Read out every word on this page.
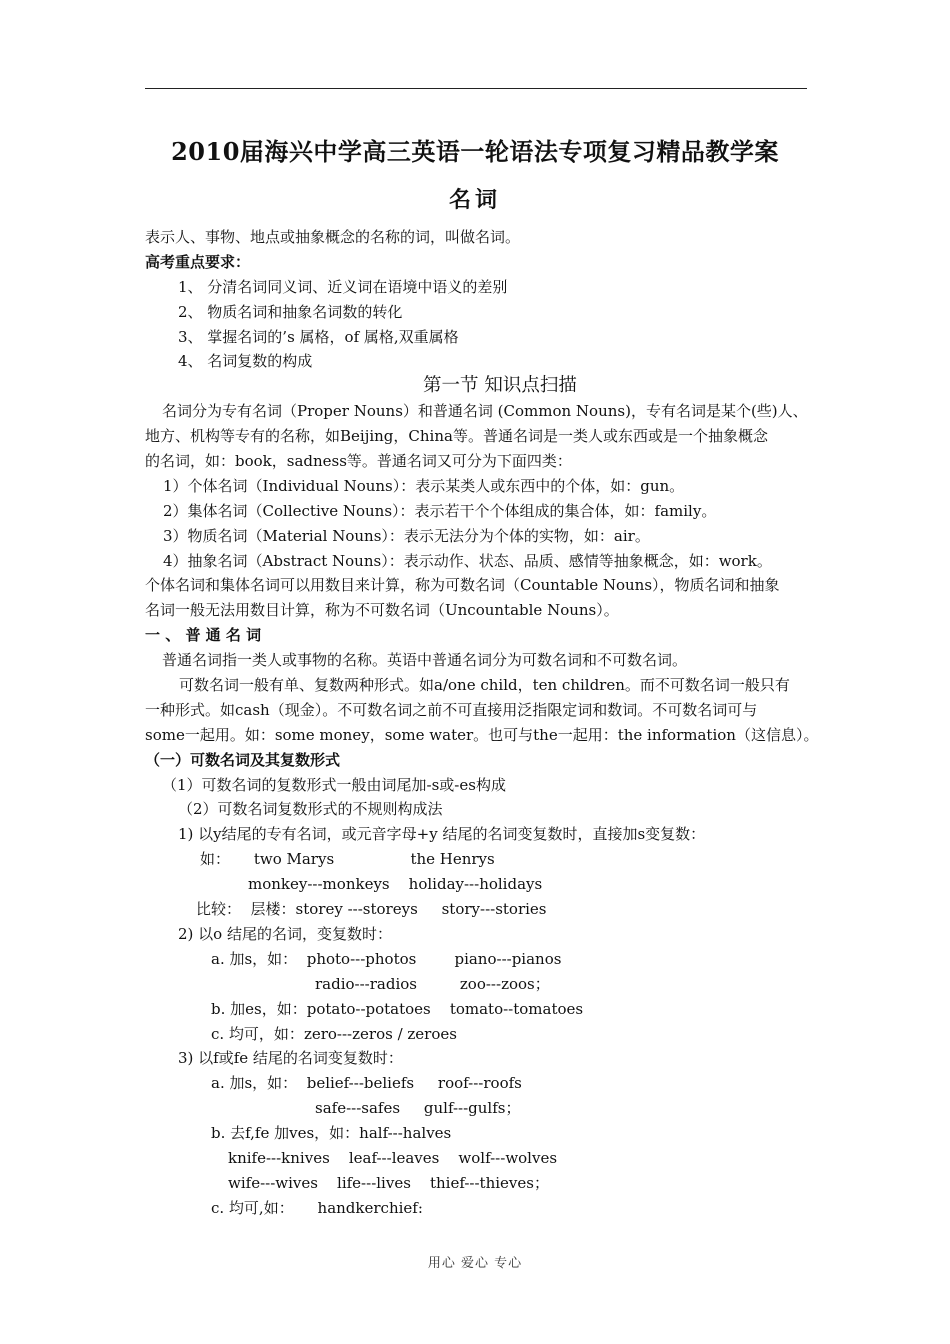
2010届海兴中学高三英语一轮语法专项复习精品教学案
名词
表示人、事物、地点或抽象概念的名称的词，叫做名词。
高考重点要求：
1、 分清名词同义词、近义词在语境中语义的差别
2、 物质名词和抽象名词数的转化
3、 掌握名词的’s 属格，of 属格,双重属格
4、 名词复数的构成
第一节 知识点扫描
名词分为专有名词（Proper Nouns）和普通名词 (Common Nouns)，专有名词是某个(些)人、
地方、机构等专有的名称，如Beijing，China等。普通名词是一类人或东西或是一个抽象概念
的名词，如：book，sadness等。普通名词又可分为下面四类：
1）个体名词（Individual Nouns）：表示某类人或东西中的个体，如：gun。
2）集体名词（Collective Nouns）：表示若干个个体组成的集合体，如：family。
3）物质名词（Material Nouns）：表示无法分为个体的实物，如：air。
4）抽象名词（Abstract Nouns）：表示动作、状态、品质、感情等抽象概念，如：work。
个体名词和集体名词可以用数目来计算，称为可数名词（Countable Nouns），物质名词和抽象
名词一般无法用数目计算，称为不可数名词（Uncountable Nouns）。
一 、 普 通 名 词
普通名词指一类人或事物的名称。英语中普通名词分为可数名词和不可数名词。
可数名词一般有单、复数两种形式。如a/one child，ten children。而不可数名词一般只有
一种形式。如cash（现金）。不可数名词之前不可直接用泛指限定词和数词。不可数名词可与
some一起用。如：some money，some water。也可与the一起用：the information（这信息）。
（一）可数名词及其复数形式
（1）可数名词的复数形式一般由词尾加-s或-es构成
（2）可数名词复数形式的不规则构成法
1) 以y结尾的专有名词，或元音字母+y 结尾的名词变复数时，直接加s变复数：
如：     two Marys                the Henrys
monkey---monkeys    holiday---holidays
比较：  层楼：storey ---storeys     story---stories
2) 以o 结尾的名词，变复数时：
a. 加s，如：  photo---photos        piano---pianos
radio---radios         zoo---zoos；
b. 加es，如：potato--potatoes    tomato--tomatoes
c. 均可，如：zero---zeros / zeroes
3) 以f或fe 结尾的名词变复数时：
a. 加s，如：  belief---beliefs     roof---roofs
safe---safes     gulf---gulfs；
b. 去f,fe 加ves，如：half---halves
knife---knives    leaf---leaves    wolf---wolves
wife---wives    life---lives    thief---thieves；
c. 均可,如：     handkerchief:
用心 爱心 专心
